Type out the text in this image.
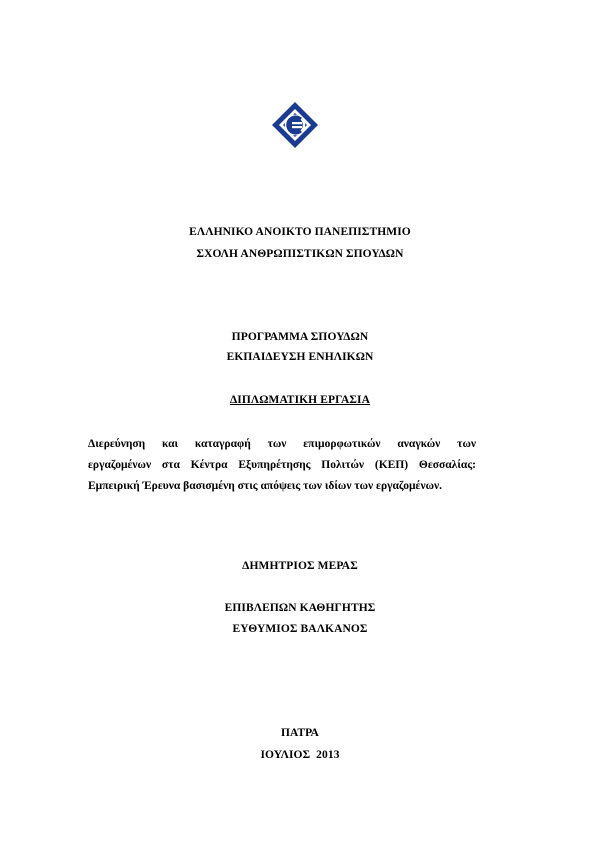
ΕΛΛΗΝΙΚΟ ΑΝΟΙΚΤΟ ΠΑΝΕΠΙΣΤΗΜΙΟ
ΣΧΟΛΗ ΑΝΘΡΩΠΙΣΤΙΚΩΝ ΣΠΟΥΔΩΝ
ΠΡΟΓΡΑΜΜΑ ΣΠΟΥΔΩΝ
ΕΚΠΑΙΔΕΥΣΗ ΕΝΗΛΙΚΩΝ
ΔΙΠΛΩΜΑΤΙΚΗ ΕΡΓΑΣΙΑ
Διερεύνηση και καταγραφή των επιμορφωτικών αναγκών των
εργαζομένων στα Κέντρα Εξυπηρέτησης Πολιτών (ΚΕΠ) Θεσσαλίας:
Εμπειρική Έρευνα βασισμένη στις απόψεις των ιδίων των εργαζομένων.
ΔΗΜΗΤΡΙΟΣ ΜΕΡΑΣ
ΕΠΙΒΛΕΠΩΝ ΚΑΘΗΓΗΤΗΣ
ΕΥΘΥΜΙΟΣ ΒΑΛΚΑΝΟΣ
ΠΑΤΡΑ
ΙΟΥΛΙΟΣ  2013
